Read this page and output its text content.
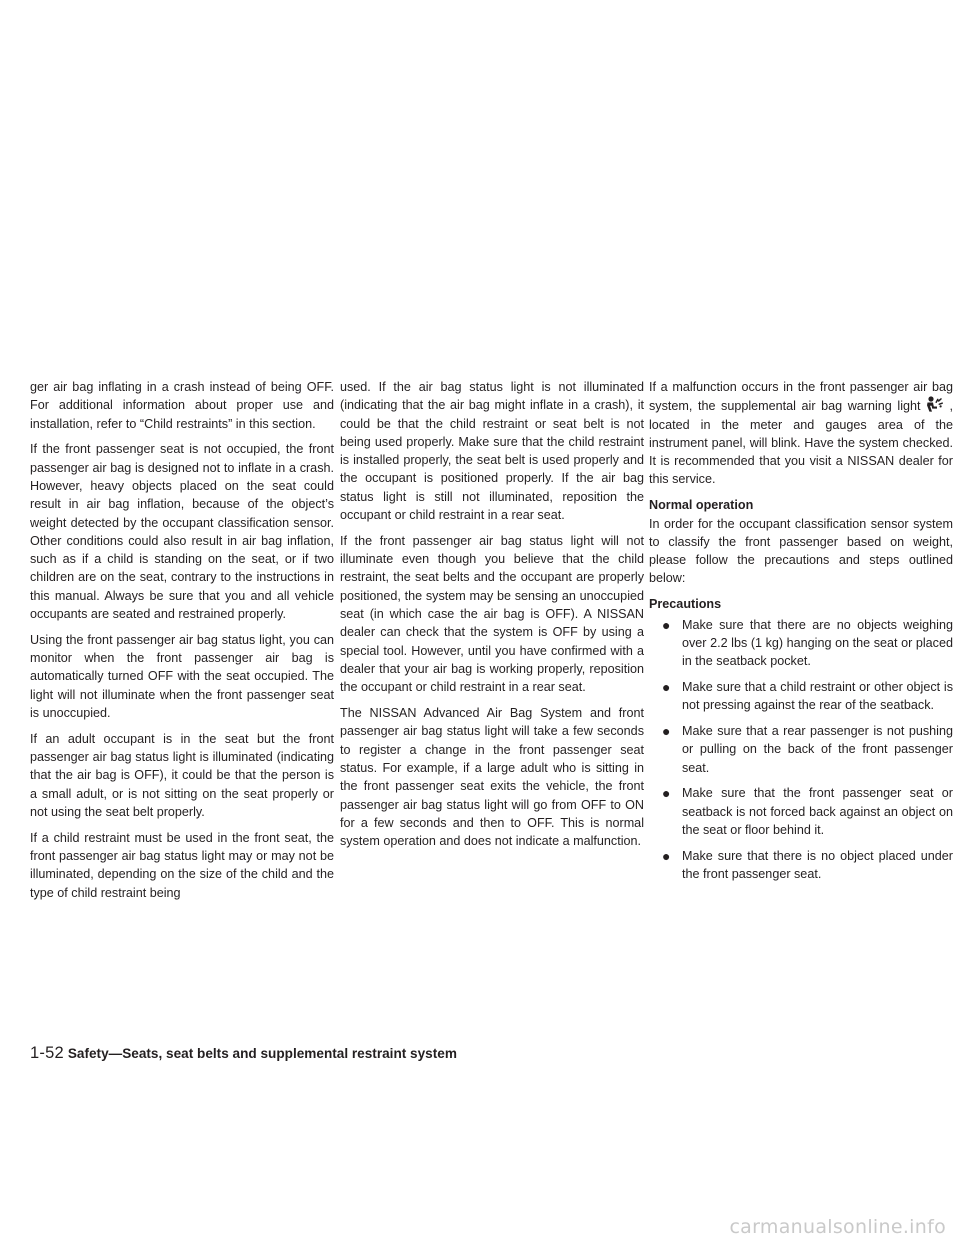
ger air bag inflating in a crash instead of being OFF. For additional information about proper use and installation, refer to “Child restraints” in this section.

If the front passenger seat is not occupied, the front passenger air bag is designed not to inflate in a crash. However, heavy objects placed on the seat could result in air bag inflation, because of the object’s weight detected by the occupant classification sensor. Other conditions could also result in air bag inflation, such as if a child is standing on the seat, or if two children are on the seat, contrary to the instructions in this manual. Always be sure that you and all vehicle occupants are seated and restrained properly.

Using the front passenger air bag status light, you can monitor when the front passenger air bag is automatically turned OFF with the seat occupied. The light will not illuminate when the front passenger seat is unoccupied.

If an adult occupant is in the seat but the front passenger air bag status light is illuminated (indicating that the air bag is OFF), it could be that the person is a small adult, or is not sitting on the seat properly or not using the seat belt properly.

If a child restraint must be used in the front seat, the front passenger air bag status light may or may not be illuminated, depending on the size of the child and the type of child restraint being

used. If the air bag status light is not illuminated (indicating that the air bag might inflate in a crash), it could be that the child restraint or seat belt is not being used properly. Make sure that the child restraint is installed properly, the seat belt is used properly and the occupant is positioned properly. If the air bag status light is still not illuminated, reposition the occupant or child restraint in a rear seat.

If the front passenger air bag status light will not illuminate even though you believe that the child restraint, the seat belts and the occupant are properly positioned, the system may be sensing an unoccupied seat (in which case the air bag is OFF). A NISSAN dealer can check that the system is OFF by using a special tool. However, until you have confirmed with a dealer that your air bag is working properly, reposition the occupant or child restraint in a rear seat.

The NISSAN Advanced Air Bag System and front passenger air bag status light will take a few seconds to register a change in the front passenger seat status. For example, if a large adult who is sitting in the front passenger seat exits the vehicle, the front passenger air bag status light will go from OFF to ON for a few seconds and then to OFF. This is normal system operation and does not indicate a malfunction.

If a malfunction occurs in the front passenger air bag system, the supplemental air bag warning light , located in the meter and gauges area of the instrument panel, will blink. Have the system checked. It is recommended that you visit a NISSAN dealer for this service.

Normal operation

In order for the occupant classification sensor system to classify the front passenger based on weight, please follow the precautions and steps outlined below:

Precautions
● Make sure that there are no objects weighing over 2.2 lbs (1 kg) hanging on the seat or placed in the seatback pocket.
● Make sure that a child restraint or other object is not pressing against the rear of the seatback.
● Make sure that a rear passenger is not pushing or pulling on the back of the front passenger seat.
● Make sure that the front passenger seat or seatback is not forced back against an object on the seat or floor behind it.
● Make sure that there is no object placed under the front passenger seat.
1-52 Safety—Seats, seat belts and supplemental restraint system
carmanualsonline.info
